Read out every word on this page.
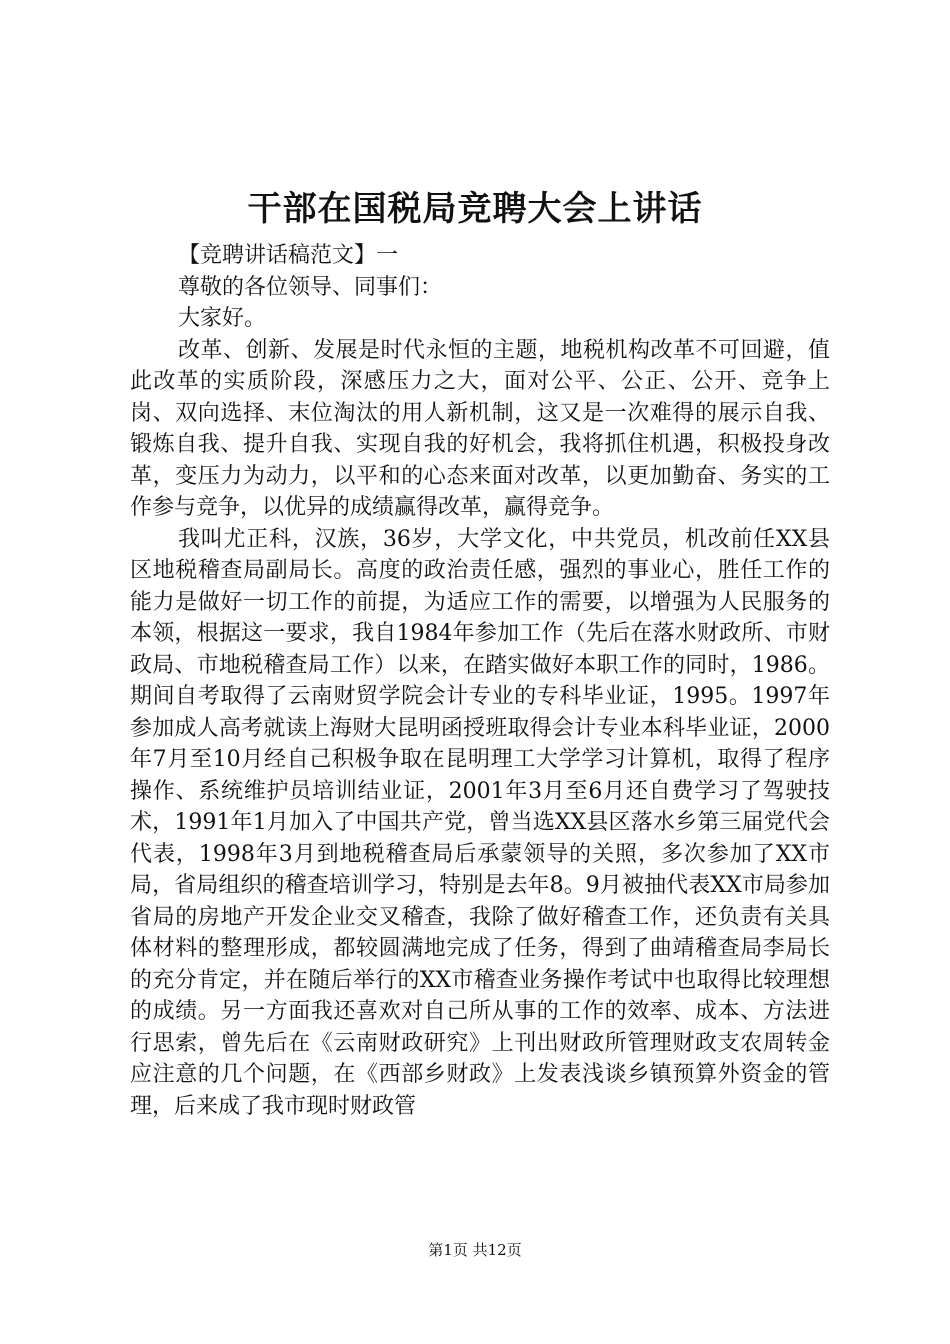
干部在国税局竞聘大会上讲话

【竞聘讲话稿范文】一

尊敬的各位领导、同事们：

大家好。

改革、创新、发展是时代永恒的主题，地税机构改革不可回避，值此改革的实质阶段，深感压力之大，面对公平、公正、公开、竞争上岗、双向选择、末位淘汰的用人新机制，这又是一次难得的展示自我、锻炼自我、提升自我、实现自我的好机会，我将抓住机遇，积极投身改革，变压力为动力，以平和的心态来面对改革，以更加勤奋、务实的工作参与竞争，以优异的成绩赢得改革，赢得竞争。

我叫尤正科，汉族，36岁，大学文化，中共党员，机改前任XX县区地税稽查局副局长。高度的政治责任感，强烈的事业心，胜任工作的能力是做好一切工作的前提，为适应工作的需要，以增强为人民服务的本领，根据这一要求，我自1984年参加工作（先后在落水财政所、市财政局、市地税稽查局工作）以来，在踏实做好本职工作的同时，1986。期间自考取得了云南财贸学院会计专业的专科毕业证，1995。1997年参加成人高考就读上海财大昆明函授班取得会计专业本科毕业证，2000年7月至10月经自己积极争取在昆明理工大学学习计算机，取得了程序操作、系统维护员培训结业证，2001年3月至6月还自费学习了驾驶技术，1991年1月加入了中国共产党，曾当选XX县区落水乡第三届党代会代表，1998年3月到地税稽查局后承蒙领导的关照，多次参加了XX市局，省局组织的稽查培训学习，特别是去年8。9月被抽代表XX市局参加省局的房地产开发企业交叉稽查，我除了做好稽查工作，还负责有关具体材料的整理形成，都较圆满地完成了任务，得到了曲靖稽查局李局长的充分肯定，并在随后举行的XX市稽查业务操作考试中也取得比较理想的成绩。另一方面我还喜欢对自己所从事的工作的效率、成本、方法进行思索，曾先后在《云南财政研究》上刊出财政所管理财政支农周转金应注意的几个问题，在《西部乡财政》上发表浅谈乡镇预算外资金的管理，后来成了我市现时财政管

第1页 共12页
